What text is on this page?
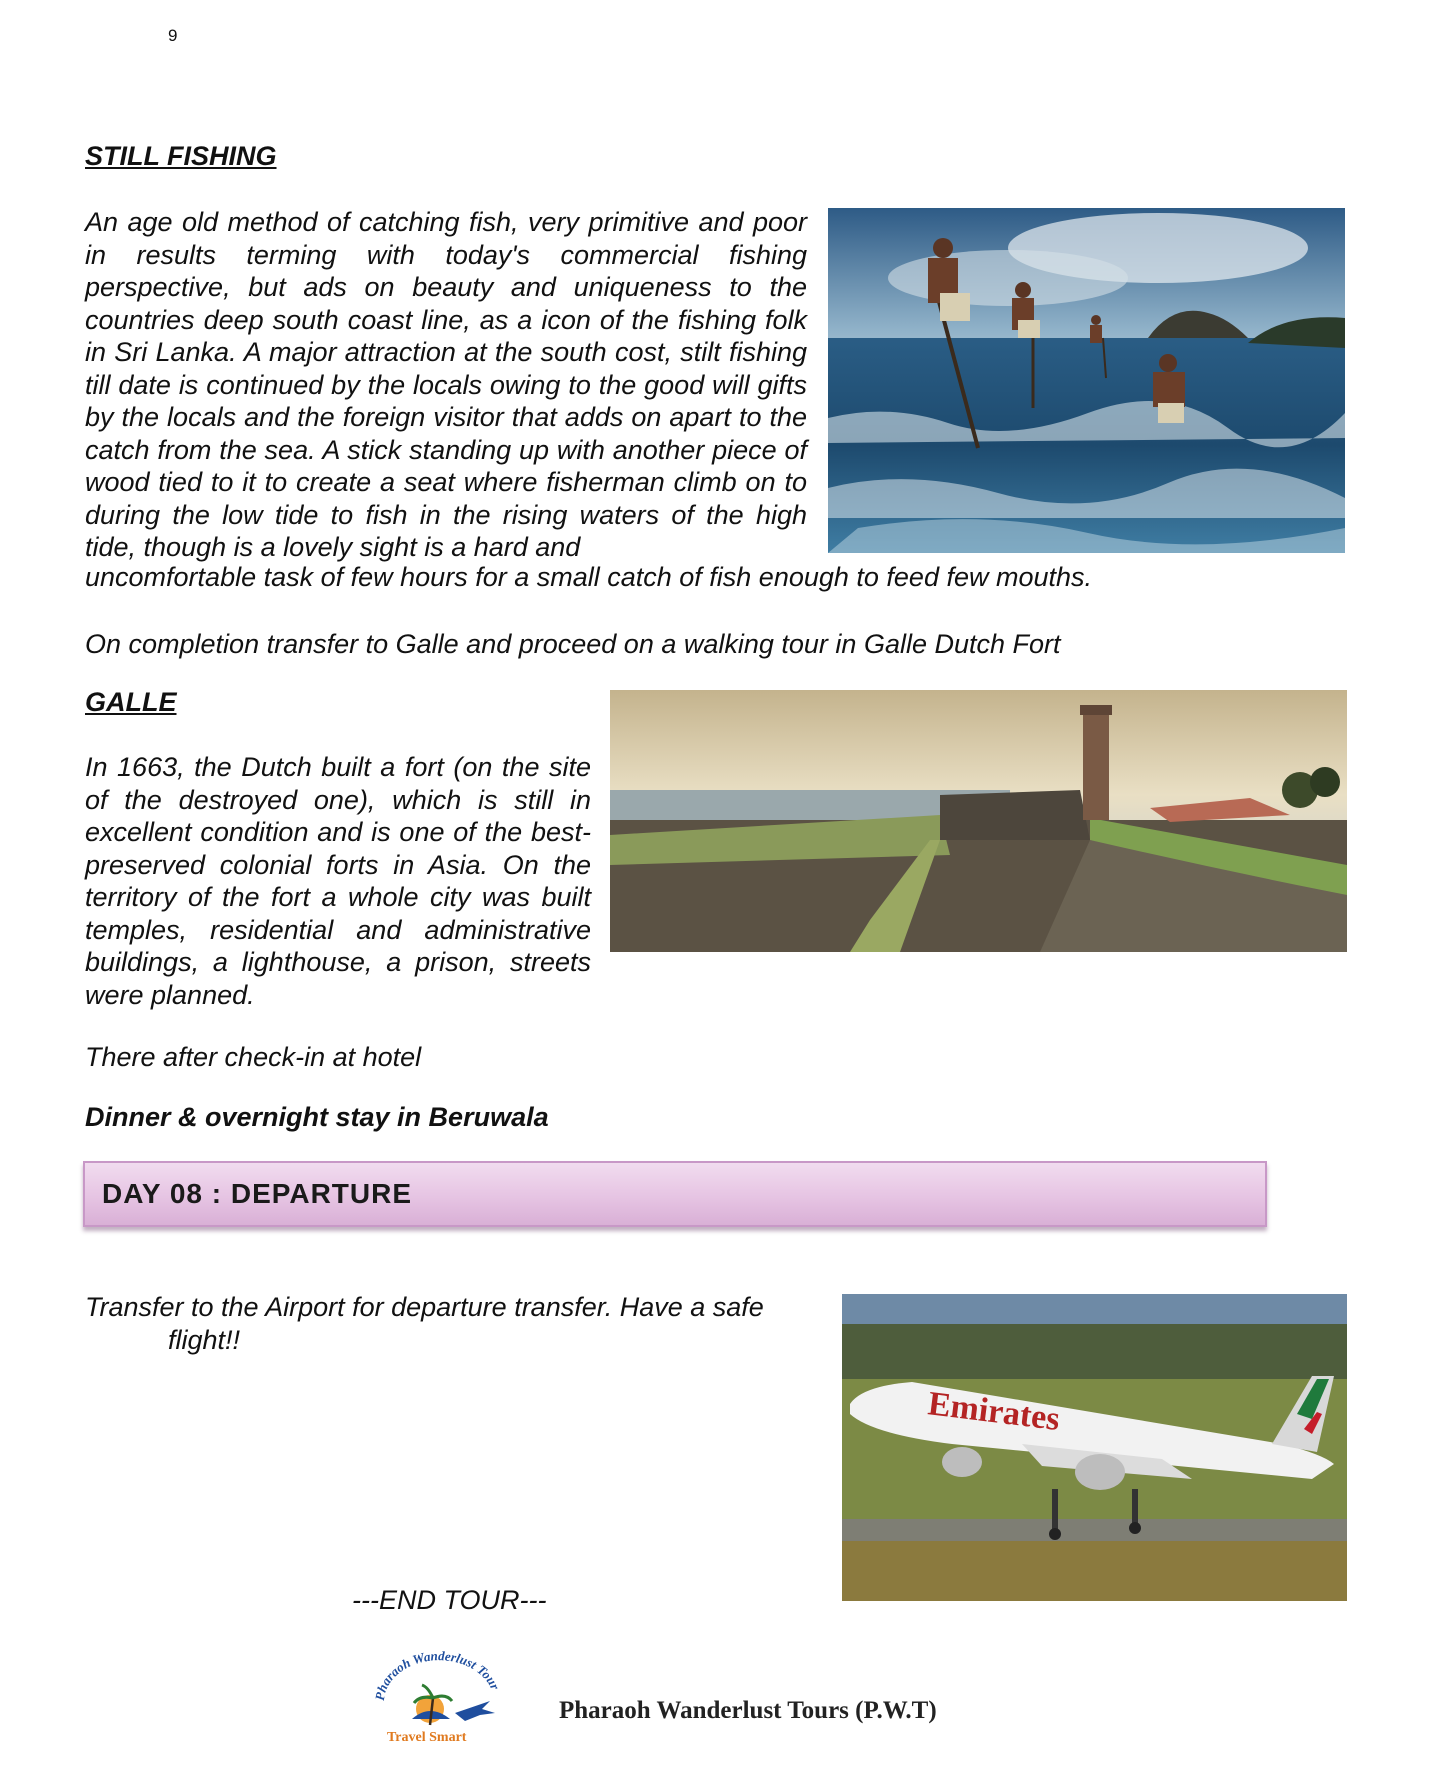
9
STILL FISHING

An age old method of catching fish, very primitive and poor in results terming with today's commercial fishing perspective, but ads on beauty and uniqueness to the countries deep south coast line, as a icon of the fishing folk in Sri Lanka. A major attraction at the south cost, stilt fishing till date is continued by the locals owing to the good will gifts by the locals and the foreign visitor that adds on apart to the catch from the sea. A stick standing up with another piece of wood tied to it to create a seat where fisherman climb on to during the low tide to fish in the rising waters of the high tide, though is a lovely sight is a hard and

uncomfortable task of few hours for a small catch of fish enough to feed few mouths.

On completion transfer to Galle and proceed on a walking tour in Galle Dutch Fort
GALLE

In 1663, the Dutch built a fort (on the site of the destroyed one), which is still in excellent condition and is one of the best-preserved colonial forts in Asia. On the territory of the fort a whole city was built temples, residential and administrative buildings, a lighthouse, a prison, streets were planned.

There after check-in at hotel
Dinner & overnight stay in Beruwala
DAY 08 : DEPARTURE
Transfer to the Airport for departure transfer. Have a safe
flight!!
Emirates
---END TOUR---
Pharaoh Wanderlust Tour
Travel Smart
Pharaoh Wanderlust Tours (P.W.T)
